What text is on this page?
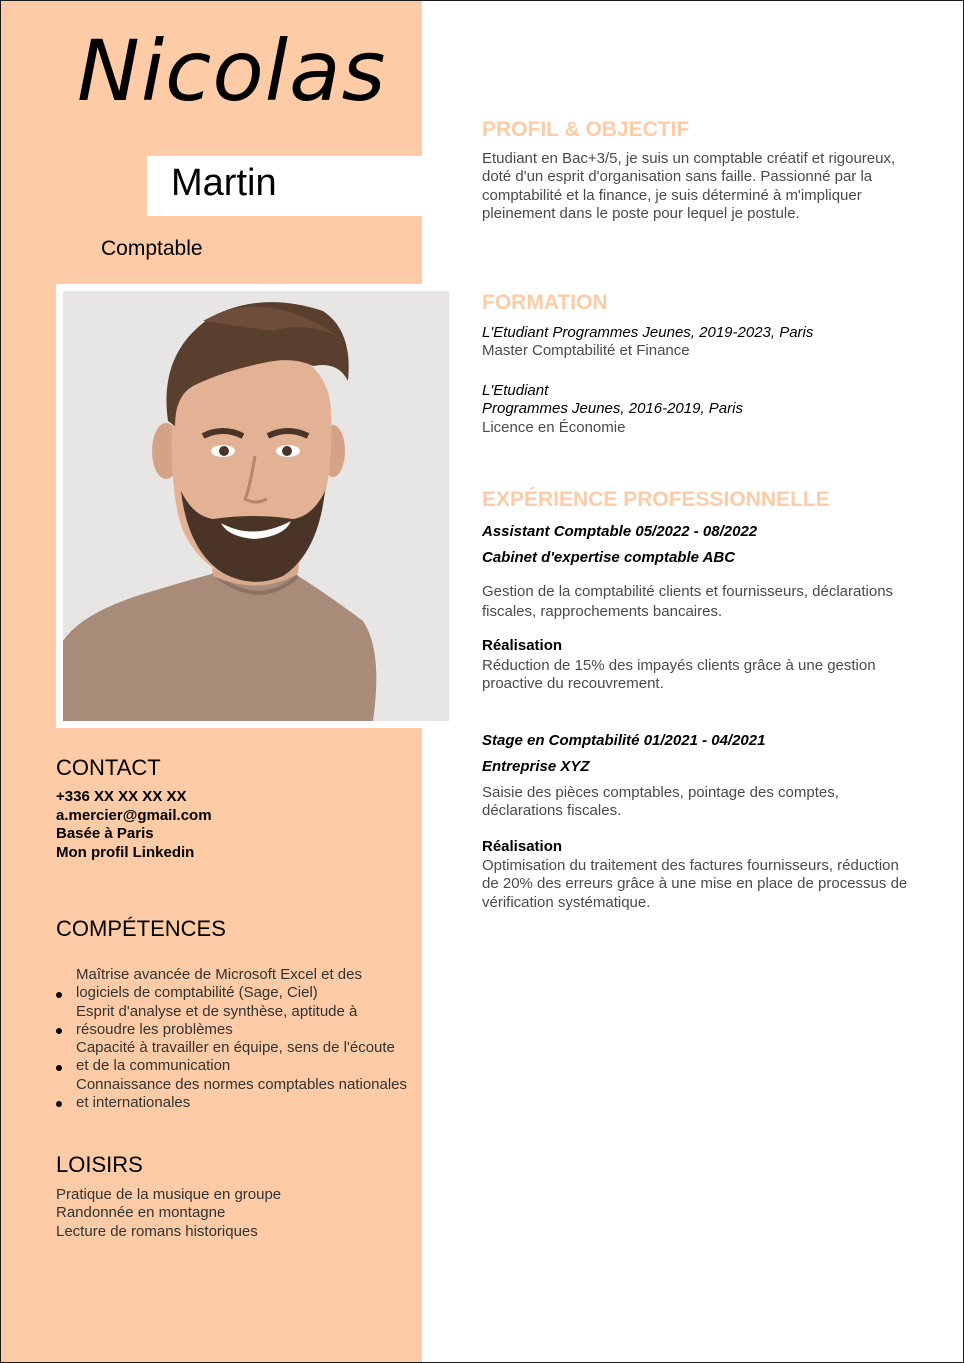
Nicolas
Martin
Comptable
CONTACT
+336 XX XX XX XX
a.mercier@gmail.com
Basée à Paris
Mon profil Linkedin
COMPÉTENCES
Maîtrise avancée de Microsoft Excel et des
logiciels de comptabilité (Sage, Ciel)
Esprit d'analyse et de synthèse, aptitude à
résoudre les problèmes
Capacité à travailler en équipe, sens de l'écoute
et de la communication
Connaissance des normes comptables nationales
et internationales
LOISIRS
Pratique de la musique en groupe
Randonnée en montagne
Lecture de romans historiques
PROFIL & OBJECTIF
Etudiant en Bac+3/5, je suis un comptable créatif et rigoureux,
doté d'un esprit d'organisation sans faille. Passionné par la
comptabilité et la finance, je suis déterminé à m'impliquer
pleinement dans le poste pour lequel je postule.
FORMATION
L'Etudiant Programmes Jeunes, 2019-2023, Paris
Master Comptabilité et Finance
L'Etudiant
Programmes Jeunes, 2016-2019, Paris
Licence en Économie
EXPÉRIENCE PROFESSIONNELLE
Assistant Comptable 05/2022 - 08/2022
Cabinet d'expertise comptable ABC
Gestion de la comptabilité clients et fournisseurs, déclarations
fiscales, rapprochements bancaires.
Réalisation
Réduction de 15% des impayés clients grâce à une gestion
proactive du recouvrement.
Stage en Comptabilité 01/2021 - 04/2021
Entreprise XYZ
Saisie des pièces comptables, pointage des comptes,
déclarations fiscales.
Réalisation
Optimisation du traitement des factures fournisseurs, réduction
de 20% des erreurs grâce à une mise en place de processus de
vérification systématique.
